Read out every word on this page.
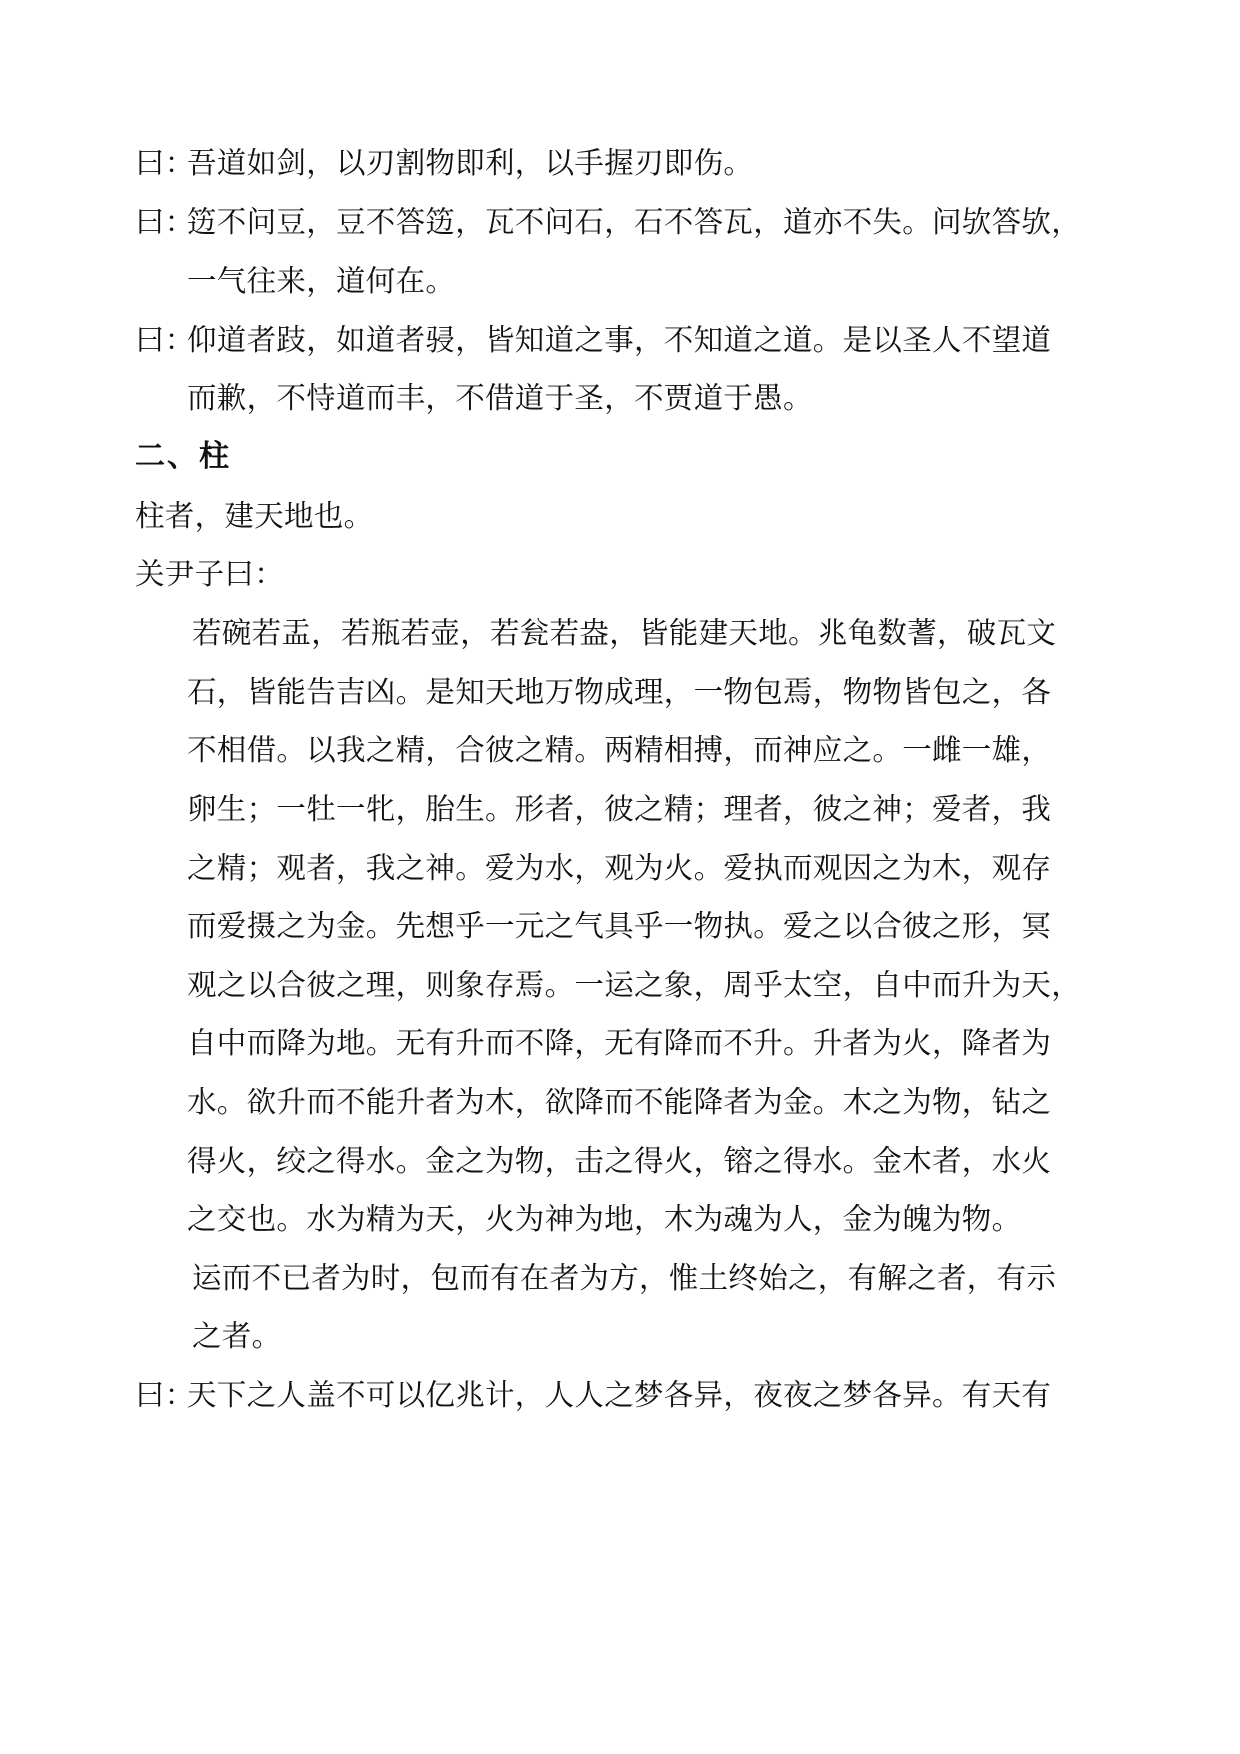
曰：
吾道如剑，以刃割物即利，以手握刃即伤。
曰：
笾不问豆，豆不答笾，瓦不问石，石不答瓦，道亦不失。问欤答欤，
一气往来，道何在。
曰：
仰道者跂，如道者骎，皆知道之事，不知道之道。是以圣人不望道
而歉，不恃道而丰，不借道于圣，不贾道于愚。
二、柱
柱者，建天地也。
关尹子曰：
若碗若盂，若瓶若壶，若瓮若盎，皆能建天地。兆龟数蓍，破瓦文
石，皆能告吉凶。是知天地万物成理，一物包焉，物物皆包之，各
不相借。以我之精，合彼之精。两精相搏，而神应之。一雌一雄，
卵生；一牡一牝，胎生。形者，彼之精；理者，彼之神；爱者，我
之精；观者，我之神。爱为水，观为火。爱执而观因之为木，观存
而爱摄之为金。先想乎一元之气具乎一物执。爱之以合彼之形，冥
观之以合彼之理，则象存焉。一运之象，周乎太空，自中而升为天，
自中而降为地。无有升而不降，无有降而不升。升者为火，降者为
水。欲升而不能升者为木，欲降而不能降者为金。木之为物，钻之
得火，绞之得水。金之为物，击之得火，镕之得水。金木者，水火
之交也。水为精为天，火为神为地，木为魂为人，金为魄为物。
运而不已者为时，包而有在者为方，惟土终始之，有解之者，有示
之者。
曰：
天下之人盖不可以亿兆计，人人之梦各异，夜夜之梦各异。有天有
